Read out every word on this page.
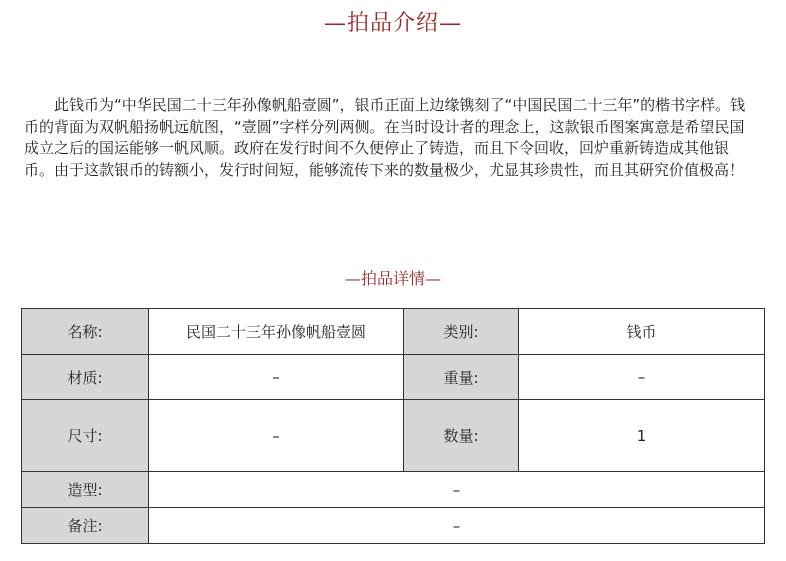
—拍品介绍—

此钱币为“中华民国二十三年孙像帆船壹圆”，银币正面上边缘镌刻了“中国民国二十三年”的楷书字样。钱币的背面为双帆船扬帆远航图，“壹圆”字样分列两侧。在当时设计者的理念上，这款银币图案寓意是希望民国成立之后的国运能够一帆风顺。政府在发行时间不久便停止了铸造，而且下令回收，回炉重新铸造成其他银币。由于这款银币的铸额小，发行时间短，能够流传下来的数量极少，尤显其珍贵性，而且其研究价值极高！

—拍品详情—
名称:	民国二十三年孙像帆船壹圆	类别:	钱币
材质:	–	重量:	–
尺寸:	–	数量:	1
造型:	–		
备注:	–		
